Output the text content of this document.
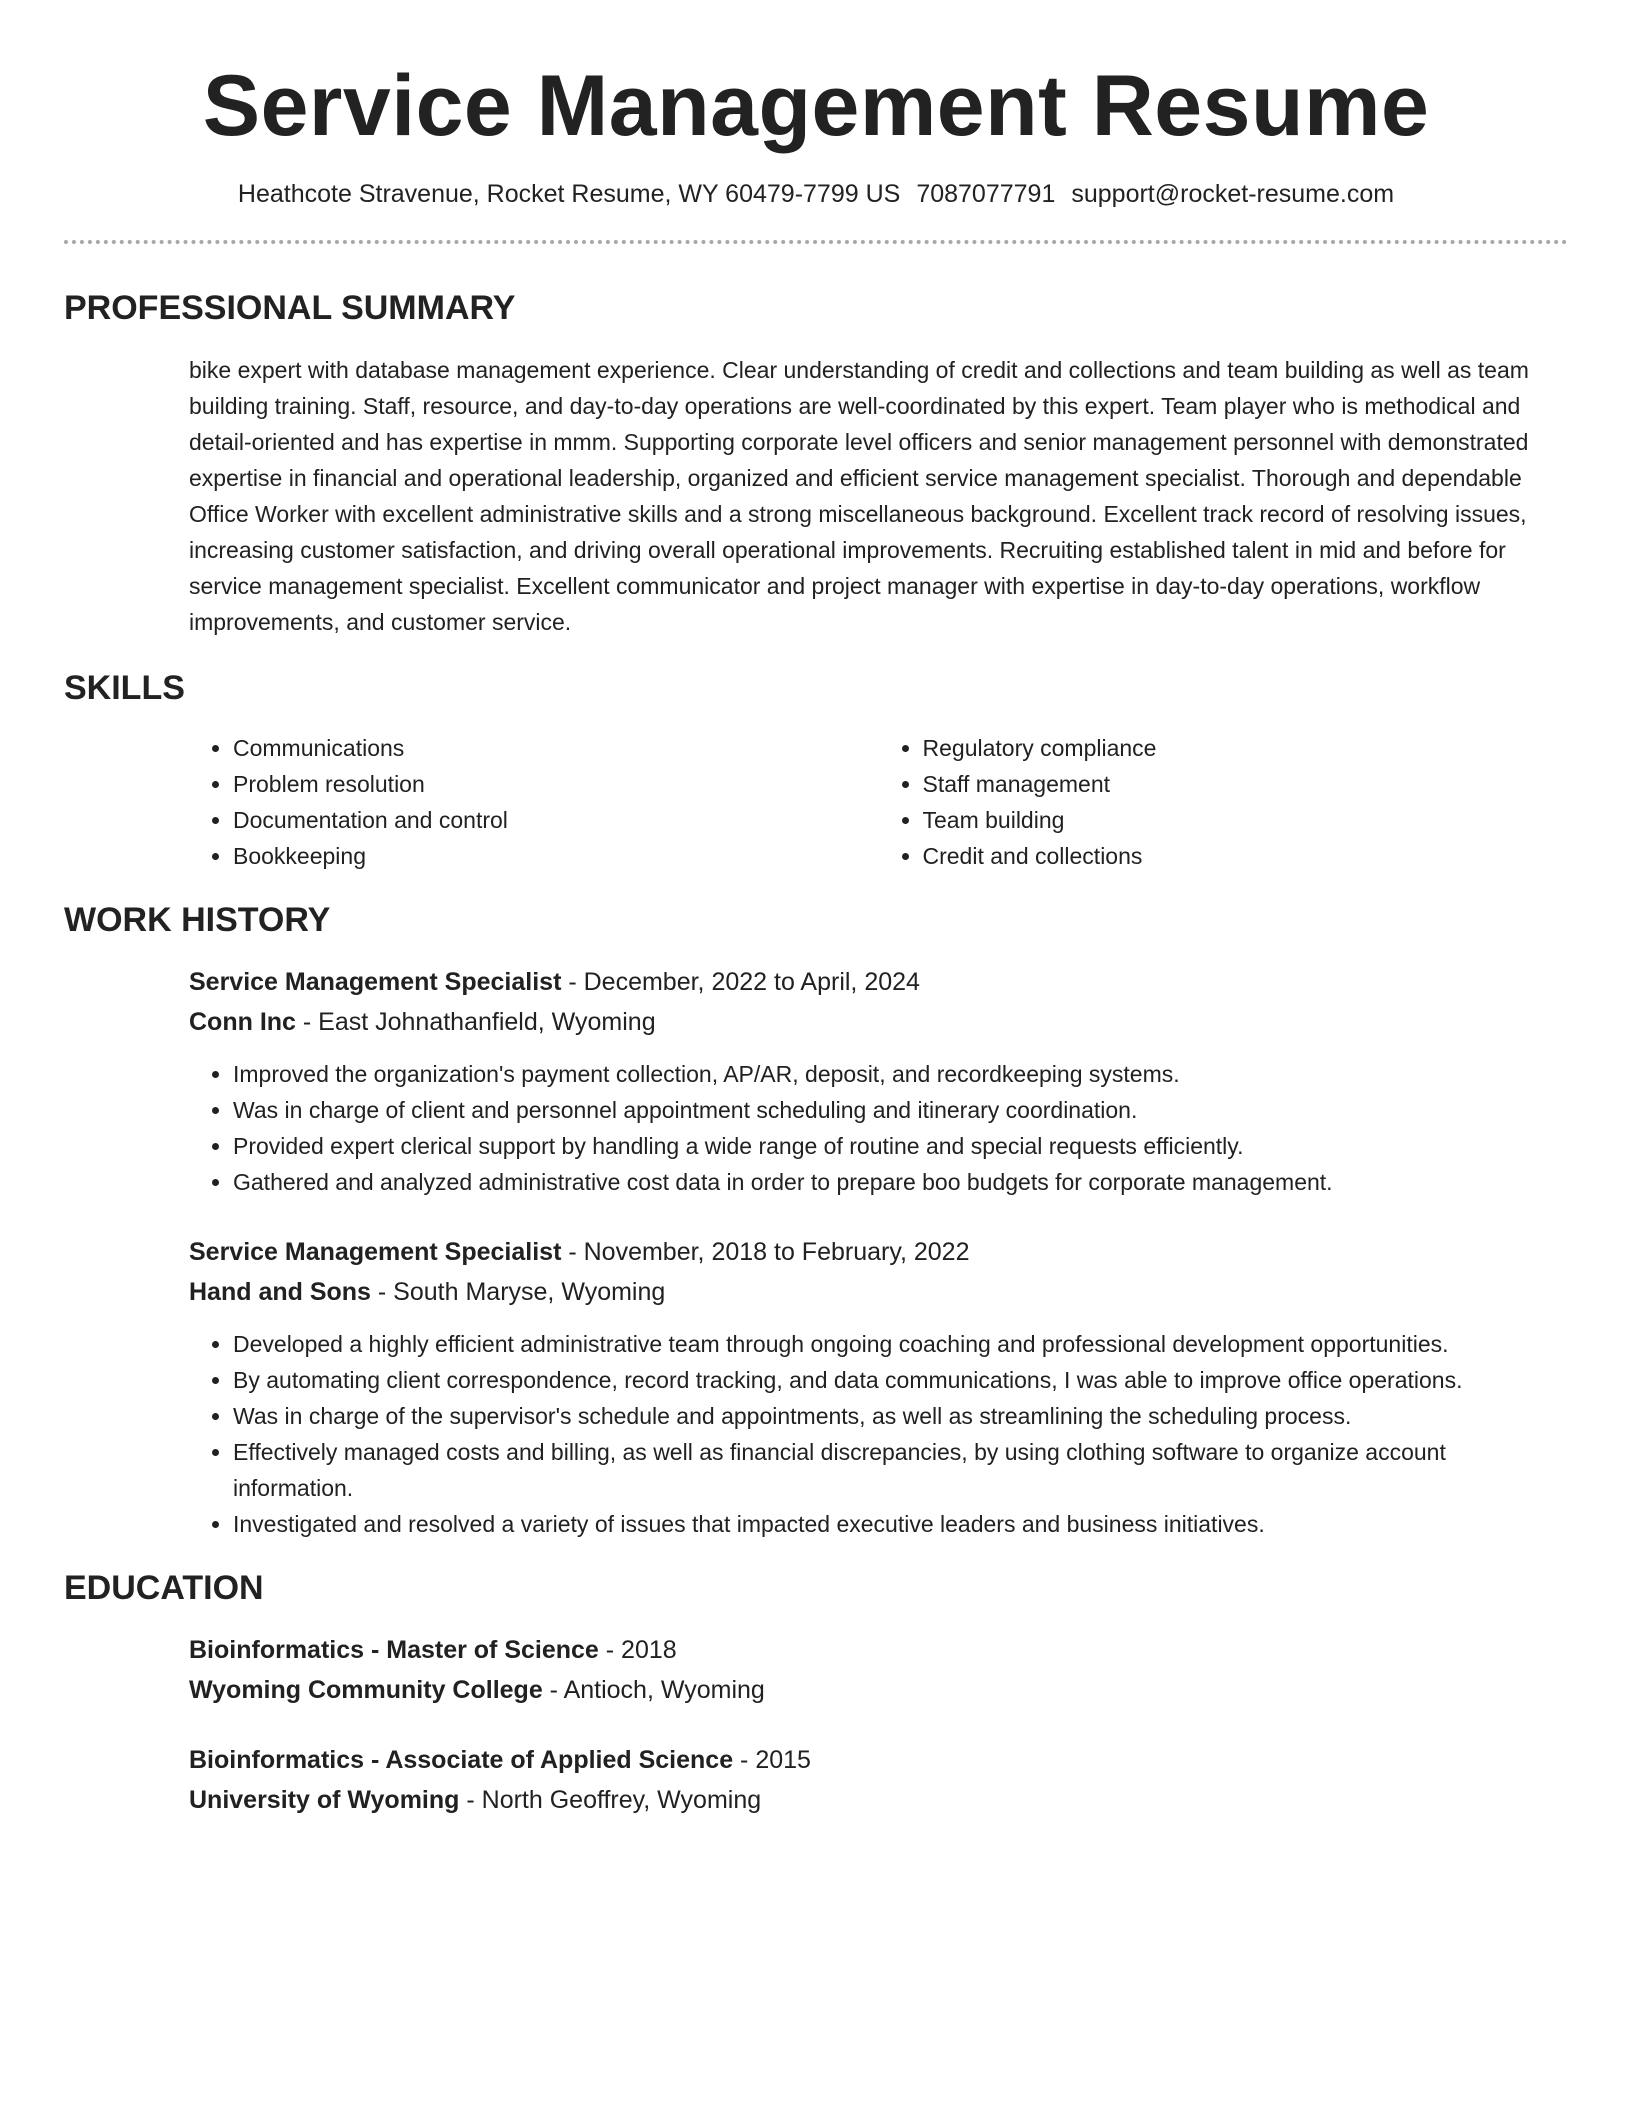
Service Management Resume
Heathcote Stravenue, Rocket Resume, WY 60479-7799 US 7087077791 support@rocket-resume.com
PROFESSIONAL SUMMARY

bike expert with database management experience. Clear understanding of credit and collections and team building as well as team building training. Staff, resource, and day-to-day operations are well-coordinated by this expert. Team player who is methodical and detail-oriented and has expertise in mmm. Supporting corporate level officers and senior management personnel with demonstrated expertise in financial and operational leadership, organized and efficient service management specialist. Thorough and dependable Office Worker with excellent administrative skills and a strong miscellaneous background. Excellent track record of resolving issues, increasing customer satisfaction, and driving overall operational improvements. Recruiting established talent in mid and before for service management specialist. Excellent communicator and project manager with expertise in day-to-day operations, workflow improvements, and customer service.

SKILLS
• Communications
• Problem resolution
• Documentation and control
• Bookkeeping
• Regulatory compliance
• Staff management
• Team building
• Credit and collections
WORK HISTORY

Service Management Specialist - December, 2022 to April, 2024

Conn Inc - East Johnathanfield, Wyoming

• Improved the organization's payment collection, AP/AR, deposit, and recordkeeping systems.
• Was in charge of client and personnel appointment scheduling and itinerary coordination.
• Provided expert clerical support by handling a wide range of routine and special requests efficiently.
• Gathered and analyzed administrative cost data in order to prepare boo budgets for corporate management.

Service Management Specialist - November, 2018 to February, 2022

Hand and Sons - South Maryse, Wyoming

• Developed a highly efficient administrative team through ongoing coaching and professional development opportunities.
• By automating client correspondence, record tracking, and data communications, I was able to improve office operations.
• Was in charge of the supervisor's schedule and appointments, as well as streamlining the scheduling process.
• Effectively managed costs and billing, as well as financial discrepancies, by using clothing software to organize account information.
• Investigated and resolved a variety of issues that impacted executive leaders and business initiatives.
EDUCATION

Bioinformatics - Master of Science - 2018

Wyoming Community College - Antioch, Wyoming

Bioinformatics - Associate of Applied Science - 2015

University of Wyoming - North Geoffrey, Wyoming
